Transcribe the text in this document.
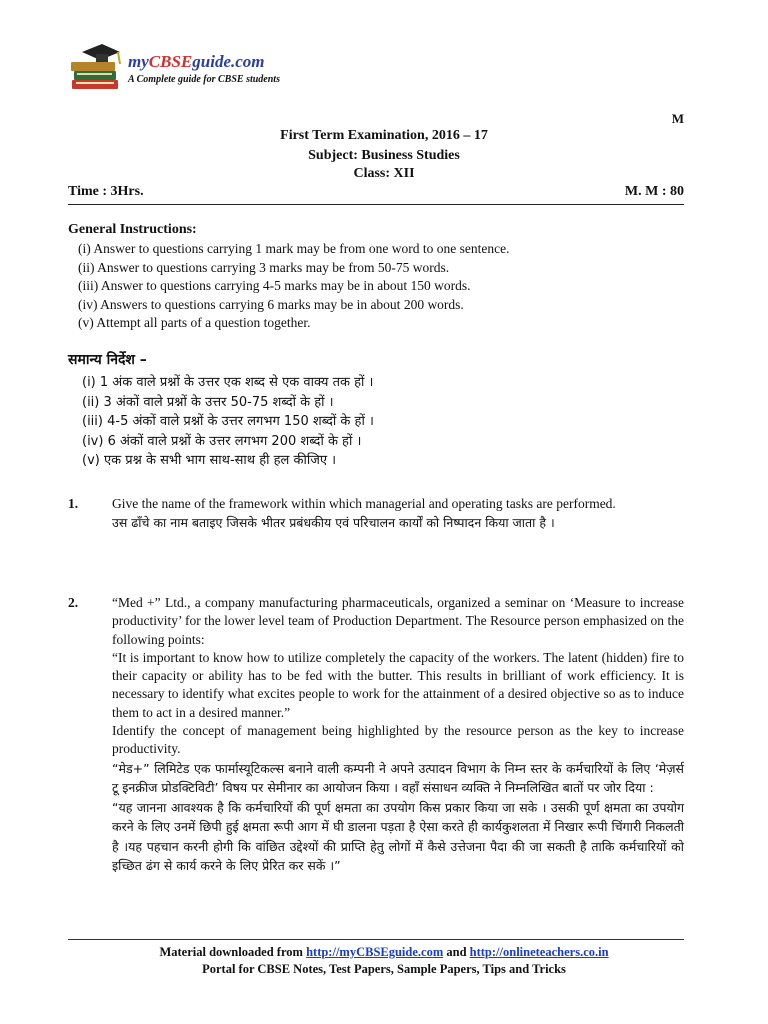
myCBSEguide.com
A Complete guide for CBSE students
M
First Term Examination, 2016 – 17
Subject: Business Studies
Class: XII
Time : 3Hrs.	M. M : 80
General Instructions:
(i) Answer to questions carrying 1 mark may be from one word to one sentence.
(ii) Answer to questions carrying 3 marks may be from 50-75 words.
(iii) Answer to questions carrying 4-5 marks may be in about 150 words.
(iv) Answers to questions carrying 6 marks may be in about 200 words.
(v) Attempt all parts of a question together.
समान्य निर्देश –
(i) 1 अंक वाले प्रश्नों के उत्तर एक शब्द से एक वाक्य तक हों ।
(ii) 3 अंकों वाले प्रश्नों के उत्तर 50-75 शब्दों के हों ।
(iii) 4-5 अंकों वाले प्रश्नों के उत्तर लगभग 150 शब्दों के हों ।
(iv) 6 अंकों वाले प्रश्नों के उत्तर लगभग 200 शब्दों के हों ।
(v) एक प्रश्न के सभी भाग साथ-साथ ही हल कीजिए ।
1.	Give the name of the framework within which managerial and operating tasks are performed.

उस ढाँचे का नाम बताइए जिसके भीतर प्रबंधकीय एवं परिचालन कार्यों को निष्पादन किया जाता है ।

2.	“Med +” Ltd., a company manufacturing pharmaceuticals, organized a seminar on ‘Measure to increase productivity’ for the lower level team of Production Department. The Resource person emphasized on the following points:

“It is important to know how to utilize completely the capacity of the workers. The latent (hidden) fire to their capacity or ability has to be fed with the butter. This results in brilliant of work efficiency. It is necessary to identify what excites people to work for the attainment of a desired objective so as to induce them to act in a desired manner.”

Identify the concept of management being highlighted by the resource person as the key to increase productivity.

“मेड+” लिमिटेड एक फार्मास्यूटिकल्स बनाने वाली कम्पनी ने अपने उत्पादन विभाग के निम्न स्तर के कर्मचारियों के लिए ‘मेज़र्स टू इनक्रीज प्रोडक्टिविटी’ विषय पर सेमीनार का आयोजन किया । वहाँ संसाधन व्यक्ति ने निम्नलिखित बातों पर जोर दिया :

“यह जानना आवश्यक है कि कर्मचारियों की पूर्ण क्षमता का उपयोग किस प्रकार किया जा सके । उसकी पूर्ण क्षमता का उपयोग करने के लिए उनमें छिपी हुई क्षमता रूपी आग में घी डालना पड़ता है ऐसा करते ही कार्यकुशलता में निखार रूपी चिंगारी निकलती है ।यह पहचान करनी होगी कि वांछित उद्देश्यों की प्राप्ति हेतु लोगों में कैसे उत्तेजना पैदा की जा सकती है ताकि कर्मचारियों को इच्छित ढंग से कार्य करने के लिए प्रेरित कर सकें ।”

Material downloaded from http://myCBSEguide.com and http://onlineteachers.co.in
Portal for CBSE Notes, Test Papers, Sample Papers, Tips and Tricks
